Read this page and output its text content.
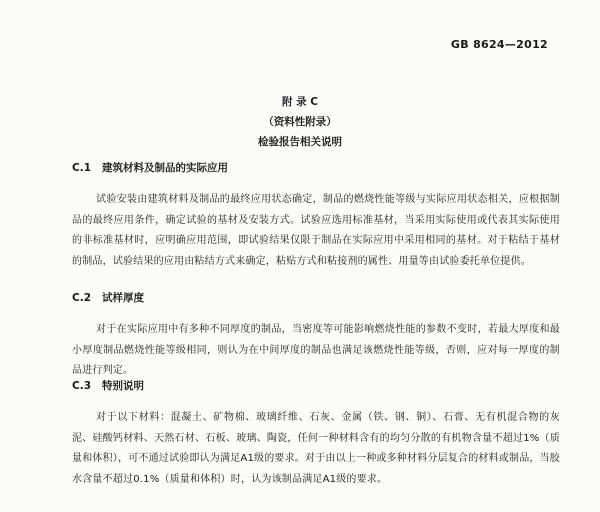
GB 8624—2012
附 录 C
（资料性附录）
检验报告相关说明
C.1 建筑材料及制品的实际应用
试验安装由建筑材料及制品的最终应用状态确定，制品的燃烧性能等级与实际应用状态相关，应根据制品的最终应用条件，确定试验的基材及安装方式。试验应选用标准基材，当采用实际使用或代表其实际使用的非标准基材时，应明确应用范围，即试验结果仅限于制品在实际应用中采用相同的基材。对于粘结于基材的制品，试验结果的应用由粘结方式来确定，粘贴方式和粘接剂的属性、用量等由试验委托单位提供。
C.2 试样厚度
对于在实际应用中有多种不同厚度的制品，当密度等可能影响燃烧性能的参数不变时，若最大厚度和最小厚度制品燃烧性能等级相同，则认为在中间厚度的制品也满足该燃烧性能等级，否则，应对每一厚度的制品进行判定。
C.3 特别说明
对于以下材料：混凝土、矿物棉、玻璃纤维、石灰、金属（铁、钢、铜）、石膏、无有机混合物的灰泥、硅酸钙材料、天然石材、石板、玻璃、陶瓷，任何一种材料含有的均匀分散的有机物含量不超过1%（质量和体积），可不通过试验即认为满足A1级的要求。对于由以上一种或多种材料分层复合的材料或制品，当胶水含量不超过0.1%（质量和体积）时，认为该制品满足A1级的要求。
